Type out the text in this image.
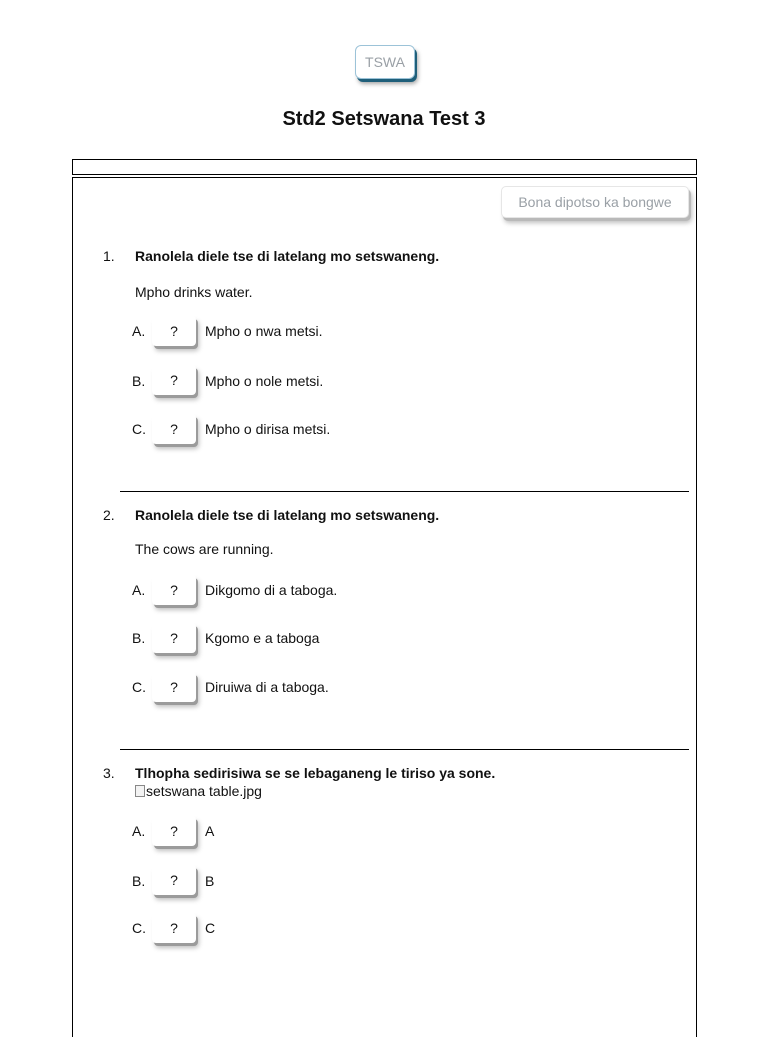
TSWA
Std2 Setswana Test 3
Bona dipotso ka bongwe
1. Ranolela diele tse di latelang mo setswaneng.
Mpho drinks water.
A.	?	Mpho o nwa metsi.
B.	?	Mpho o nole metsi.
C.	?	Mpho o dirisa metsi.
2. Ranolela diele tse di latelang mo setswaneng.
The cows are running.
A.	?	Dikgomo di a taboga.
B.	?	Kgomo e a taboga
C.	?	Diruiwa di a taboga.
3. Tlhopha sedirisiwa se se lebaganeng le tiriso ya sone.
setswana table.jpg
A.	?	A
B.	?	B
C.	?	C
